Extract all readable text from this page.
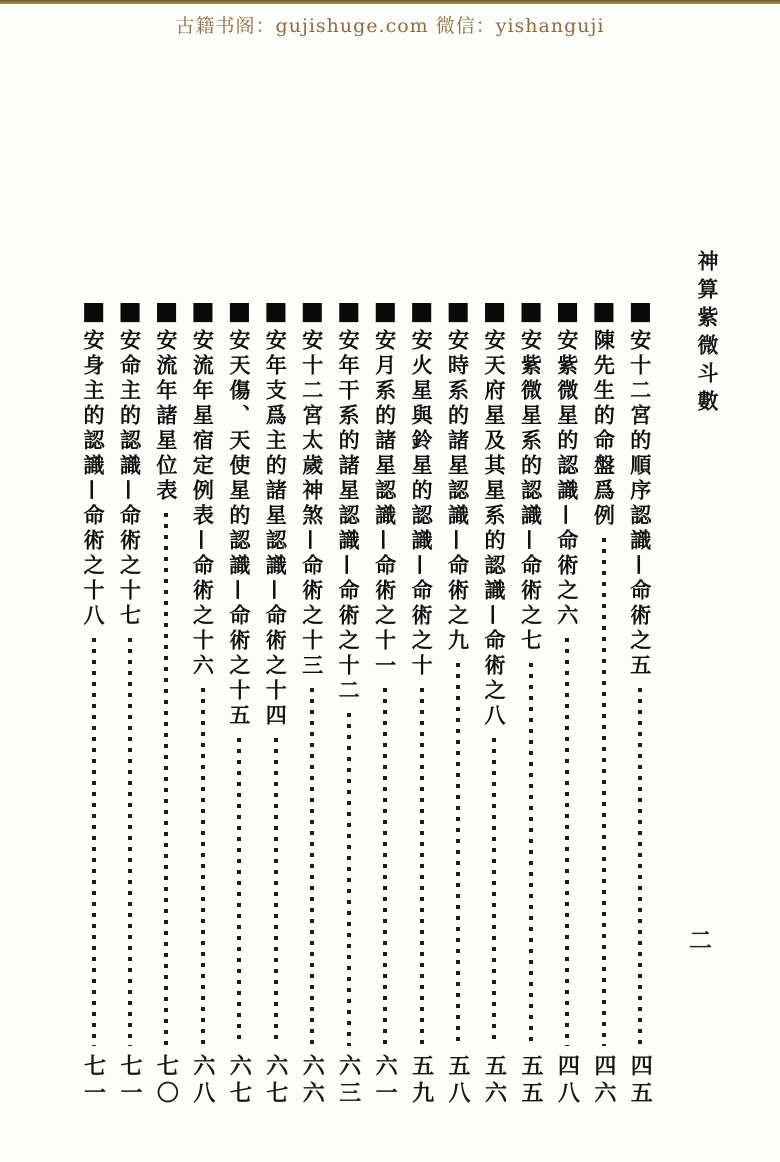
古籍书阁：gujishuge.com 微信：yishanguji
神算紫微斗數
二
■
安十二宮的順序認識—命術之五
四五
■
陳先生的命盤爲例
四六
■
安紫微星的認識—命術之六
四八
■
安紫微星系的認識—命術之七
五五
■
安天府星及其星系的認識—命術之八
五六
■
安時系的諸星認識—命術之九
五八
■
安火星與鈴星的認識—命術之十
五九
■
安月系的諸星認識—命術之十一
六一
■
安年干系的諸星認識—命術之十二
六三
■
安十二宮太歲神煞—命術之十三
六六
■
安年支爲主的諸星認識—命術之十四
六七
■
安天傷、天使星的認識—命術之十五
六七
■
安流年星宿定例表—命術之十六
六八
■
安流年諸星位表
七〇
■
安命主的認識—命術之十七
七一
■
安身主的認識—命術之十八
七一
